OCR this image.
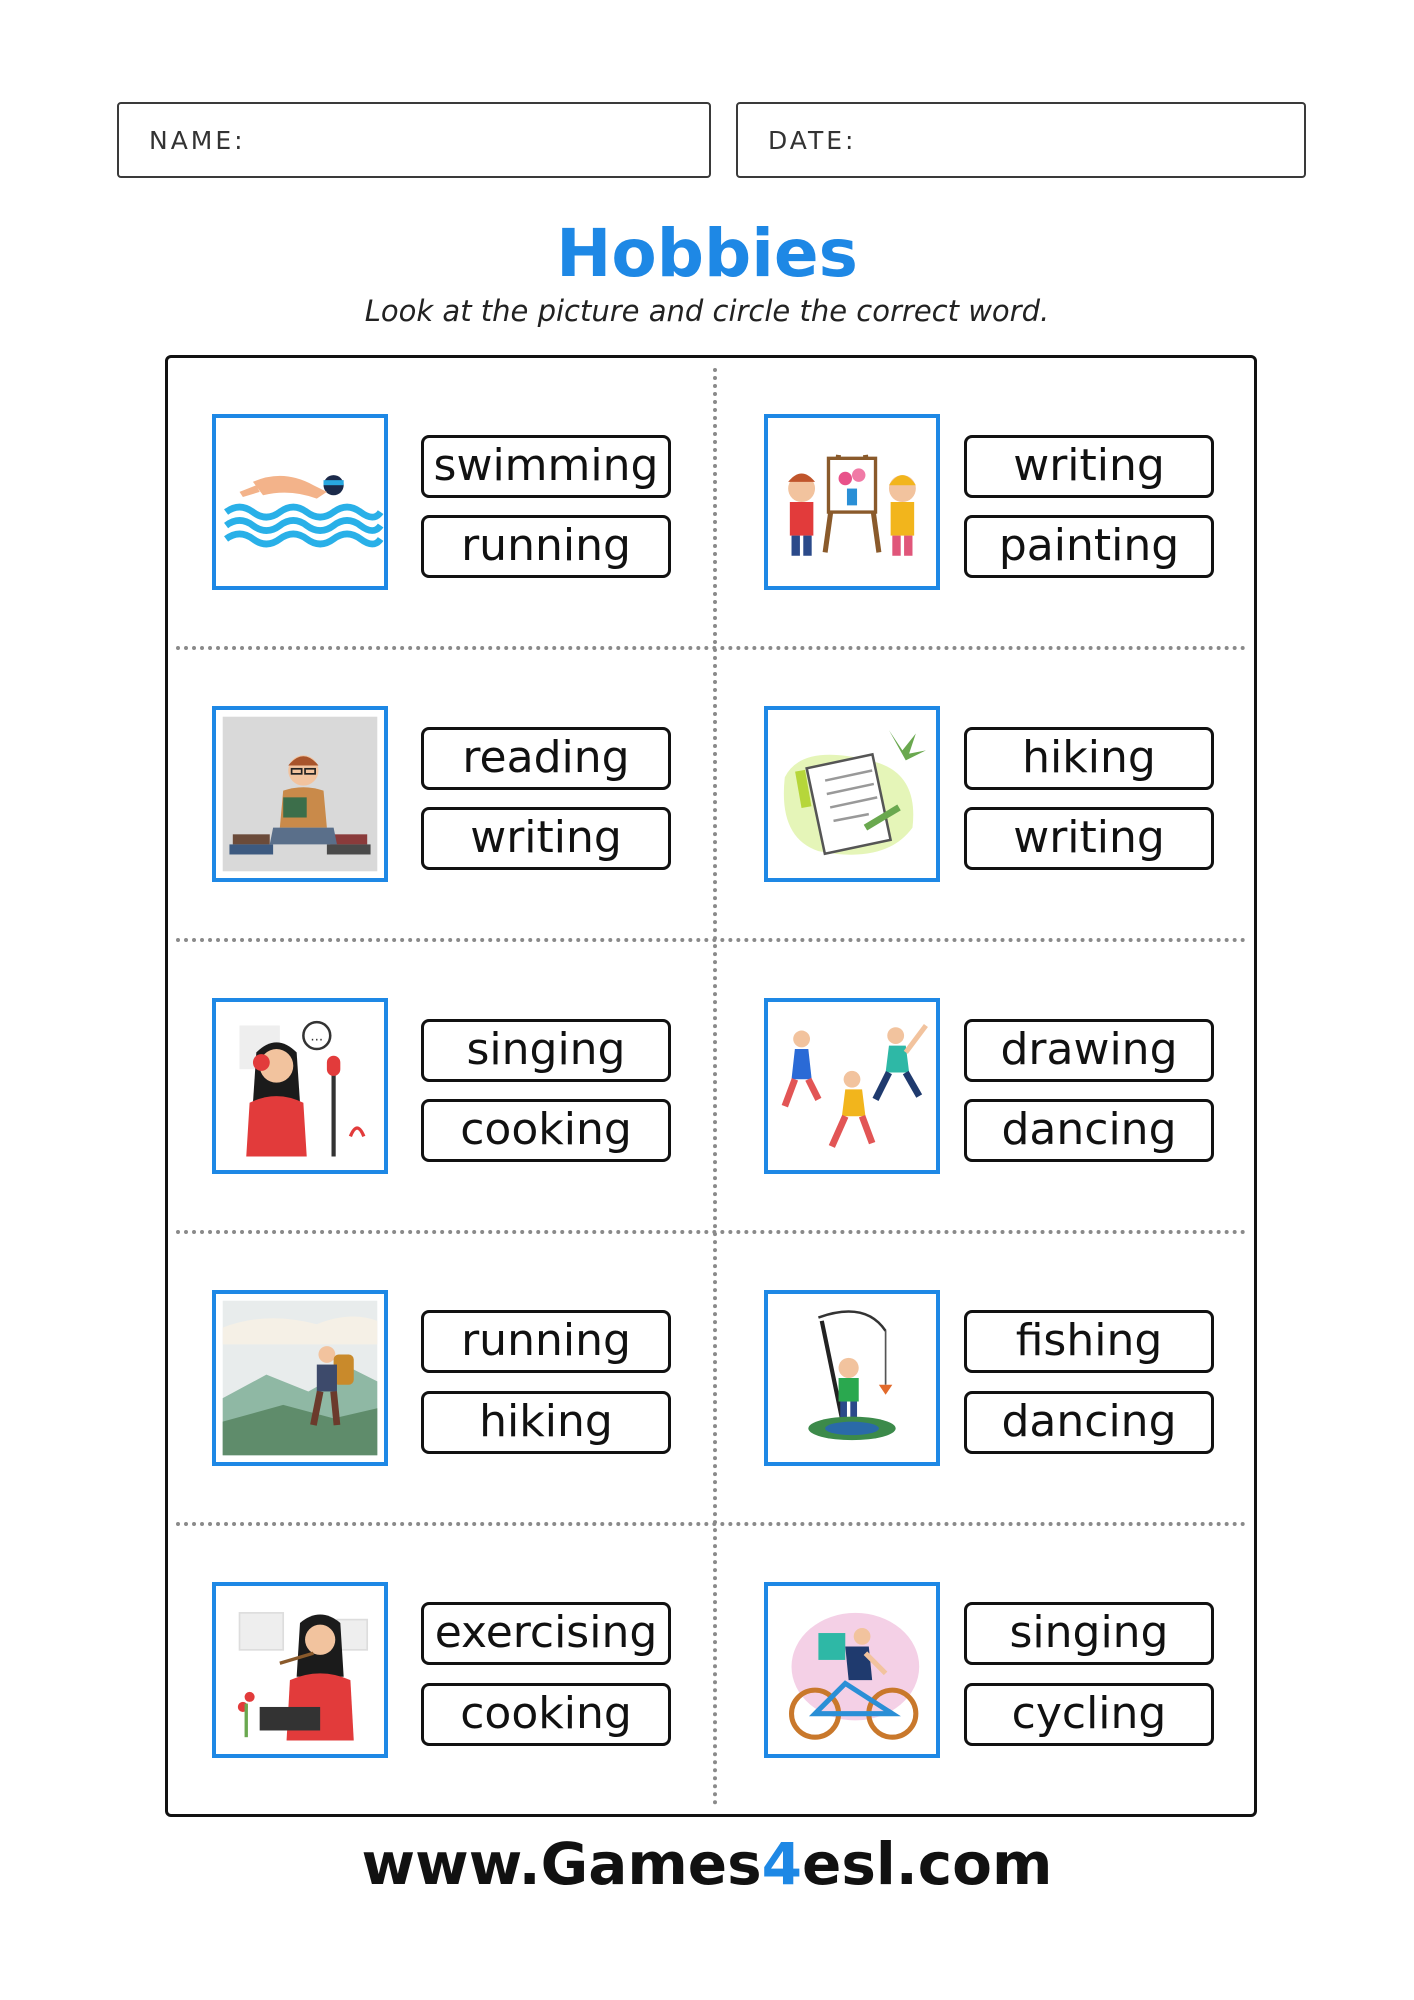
NAME:	DATE:
Hobbies
Look at the picture and circle the correct word.
swimming
running
writing
painting
reading
writing
hiking
writing
...	singing
cooking
drawing
dancing
running
hiking
fishing
dancing
exercising
cooking
singing
cycling
www.Games4esl.com
